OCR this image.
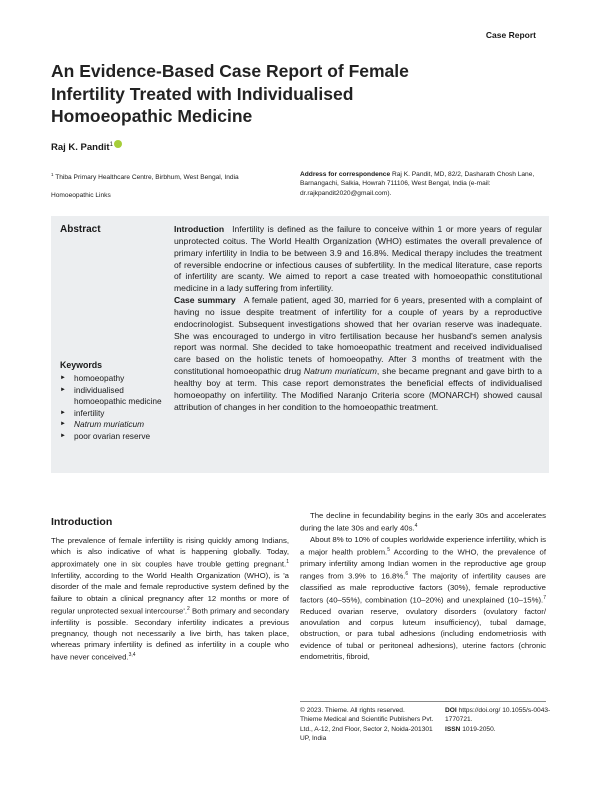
Case Report
An Evidence-Based Case Report of Female Infertility Treated with Individualised Homoeopathic Medicine
Raj K. Pandit$^1$
$^1$ Thiba Primary Healthcare Centre, Birbhum, West Bengal, India
Homoeopathic Links
Address for correspondence Raj K. Pandit, MD, 82/2, Dasharath Chosh Lane, Barnangachi, Salkia, Howrah 711106, West Bengal, India (e-mail: dr.rajkpandit2020@gmail.com).
Abstract	Introduction Infertility is defined as the failure to conceive within 1 or more years of regular unprotected coitus. The World Health Organization (WHO) estimates the overall prevalence of primary infertility in India to be between 3.9 and 16.8%. Medical therapy includes the treatment of reversible endocrine or infectious causes of subfertility. In the medical literature, case reports of infertility are scanty. We aimed to report a case treated with homoeopathic constitutional medicine in a lady suffering from infertility.

Case summary A female patient, aged 30, married for 6 years, presented with a complaint of having no issue despite treatment of infertility for a couple of years by a reproductive endocrinologist. Subsequent investigations showed that her ovarian reserve was inadequate. She was encouraged to undergo in vitro fertilisation because her husband's semen analysis report was normal. She decided to take homoeopathic treatment and received individualised care based on the holistic tenets of homoeopathy. After 3 months of treatment with the constitutional homoeopathic drug Natrum muriaticum, she became pregnant and gave birth to a healthy boy at term. This case report demonstrates the beneficial effects of individualised homoeopathy on infertility. The Modified Naranjo Criteria score (MONARCH) showed causal attribution of changes in her condition to the homoeopathic treatment.

Keywords
► homoeopathy
► individualised homoeopathic medicine
► infertility
► Natrum muriaticum
► poor ovarian reserve
Introduction

The prevalence of female infertility is rising quickly among Indians, which is also indicative of what is happening globally. Today, approximately one in six couples have trouble getting pregnant.$^1$ Infertility, according to the World Health Organization (WHO), is 'a disorder of the male and female reproductive system defined by the failure to obtain a clinical pregnancy after 12 months or more of regular unprotected sexual intercourse'.$^2$ Both primary and secondary infertility is possible. Secondary infertility indicates a previous pregnancy, though not necessarily a live birth, has taken place, whereas primary infertility is defined as infertility in a couple who have never conceived.$^{3,4}$

The decline in fecundability begins in the early 30s and accelerates during the late 30s and early 40s.$^4$

About 8% to 10% of couples worldwide experience infertility, which is a major health problem.$^5$ According to the WHO, the prevalence of primary infertility among Indian women in the reproductive age group ranges from 3.9% to 16.8%.$^6$ The majority of infertility causes are classified as male reproductive factors (30%), female reproductive factors (40–55%), combination (10–20%) and unexplained (10–15%).$^7$ Reduced ovarian reserve, ovulatory disorders (ovulatory factor/ anovulation and corpus luteum insufficiency), tubal damage, obstruction, or para tubal adhesions (including endometriosis with evidence of tubal or peritoneal adhesions), uterine factors (chronic endometritis, fibroid,

© 2023. Thieme. All rights reserved.
Thieme Medical and Scientific Publishers Pvt. Ltd., A-12, 2nd Floor, Sector 2, Noida-201301 UP, India
DOI https://doi.org/ 10.1055/s-0043-1770721.
ISSN 1019-2050.
